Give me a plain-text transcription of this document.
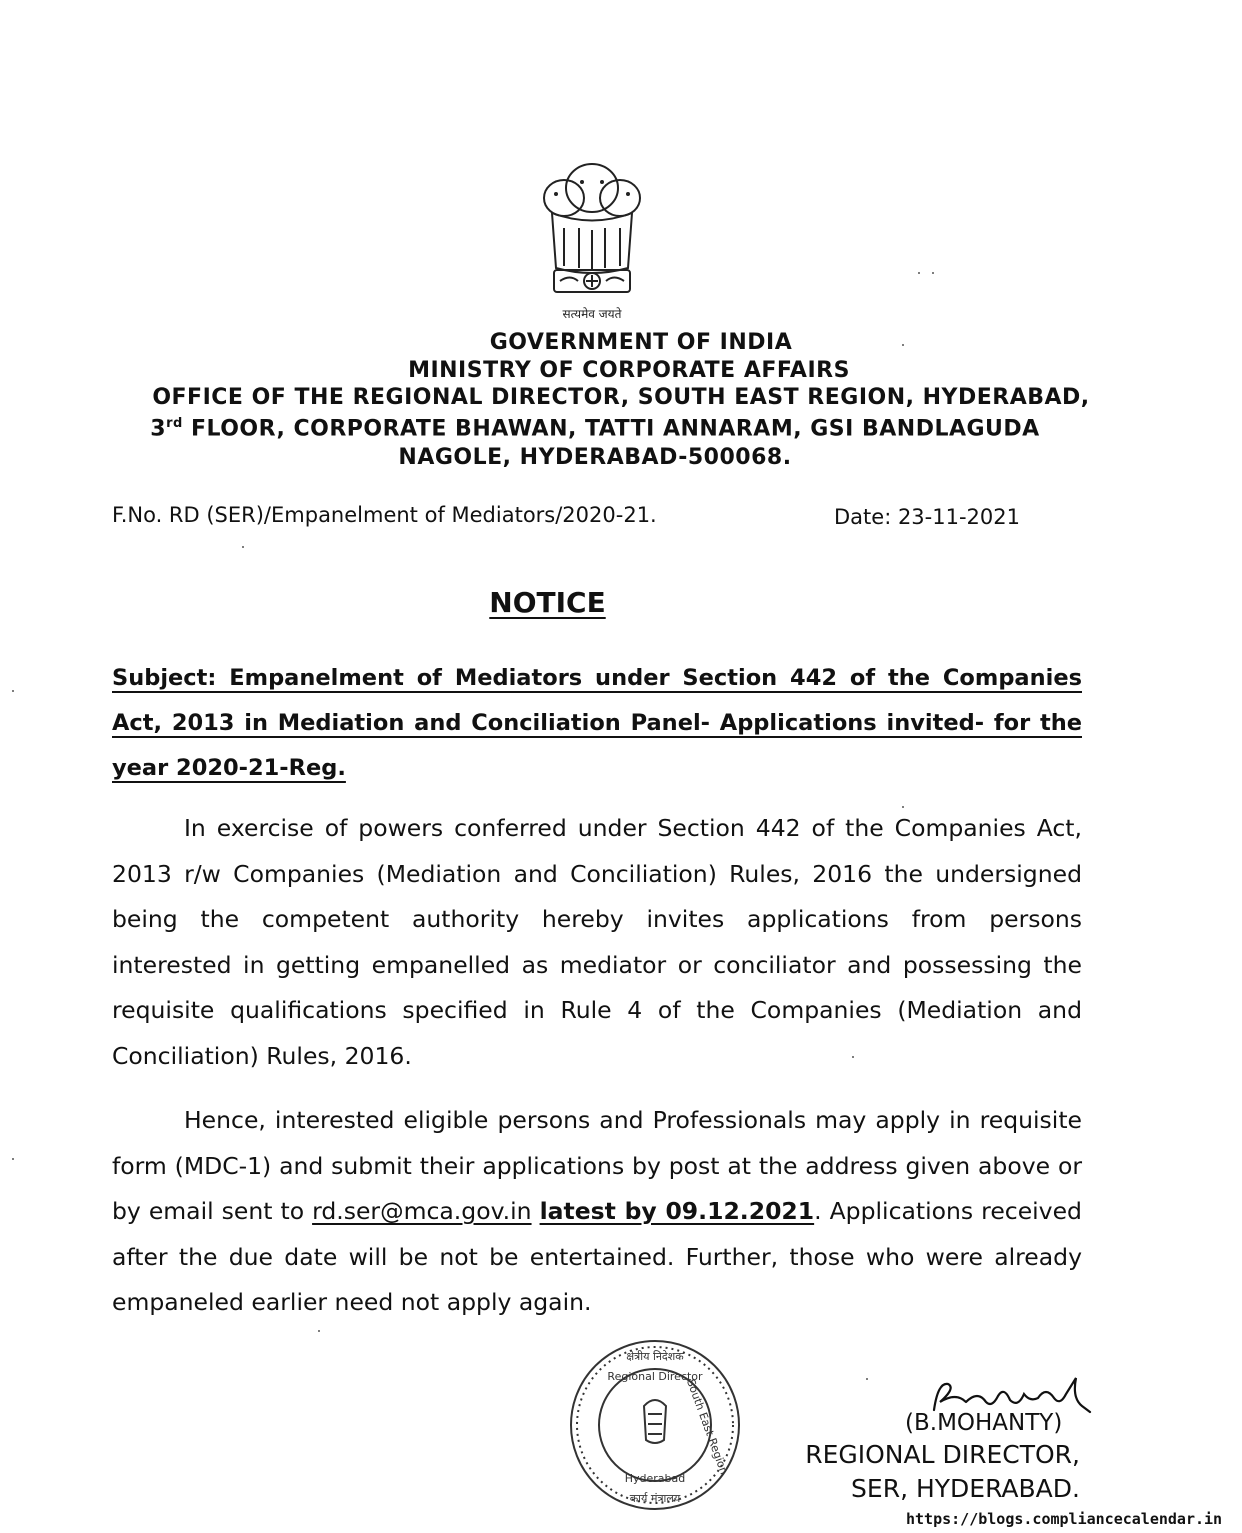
सत्यमेव जयते
GOVERNMENT OF INDIA
MINISTRY OF CORPORATE AFFAIRS
OFFICE OF THE REGIONAL DIRECTOR, SOUTH EAST REGION, HYDERABAD,
3rd FLOOR, CORPORATE BHAWAN, TATTI ANNARAM, GSI BANDLAGUDA
NAGOLE, HYDERABAD-500068.
F.No. RD (SER)/Empanelment of Mediators/2020-21.	Date: 23-11-2021
NOTICE
Subject: Empanelment of Mediators under Section 442 of the Companies Act, 2013 in Mediation and Conciliation Panel- Applications invited- for the year 2020-21-Reg.
In exercise of powers conferred under Section 442 of the Companies Act, 2013 r/w Companies (Mediation and Conciliation) Rules, 2016 the undersigned being the competent authority hereby invites applications from persons interested in getting empanelled as mediator or conciliator and possessing the requisite qualifications specified in Rule 4 of the Companies (Mediation and Conciliation) Rules, 2016.
Hence, interested eligible persons and Professionals may apply in requisite form (MDC-1) and submit their applications by post at the address given above or by email sent to rd.ser@mca.gov.in latest by 09.12.2021. Applications received after the due date will be not be entertained. Further, those who were already empaneled earlier need not apply again.
क्षेत्रीय निदेशक
Regional Director
South East Region
Hyderabad
कार्य मंत्रालय
(B.MOHANTY)
REGIONAL DIRECTOR,
SER, HYDERABAD.
https://blogs.compliancecalendar.in
